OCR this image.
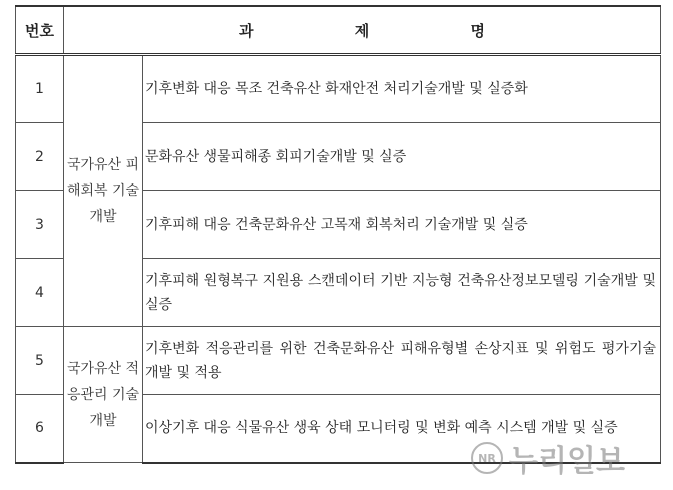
번호	과 제 명	
1	국가유산 피해회복 기술개발	기후변화 대응 목조 건축유산 화재안전 처리기술개발 및 실증화
2		문화유산 생물피해종 회피기술개발 및 실증
3		기후피해 대응 건축문화유산 고목재 회복처리 기술개발 및 실증
4		기후피해 원형복구 지원용 스캔데이터 기반 지능형 건축유산정보모델링 기술개발 및 실증
5	국가유산 적응관리 기술개발	기후변화 적응관리를 위한 건축문화유산 피해유형별 손상지표 및 위험도 평가기술 개발 및 적용
6		이상기후 대응 식물유산 생육 상태 모니터링 및 변화 예측 시스템 개발 및 실증
NR 누리일보
